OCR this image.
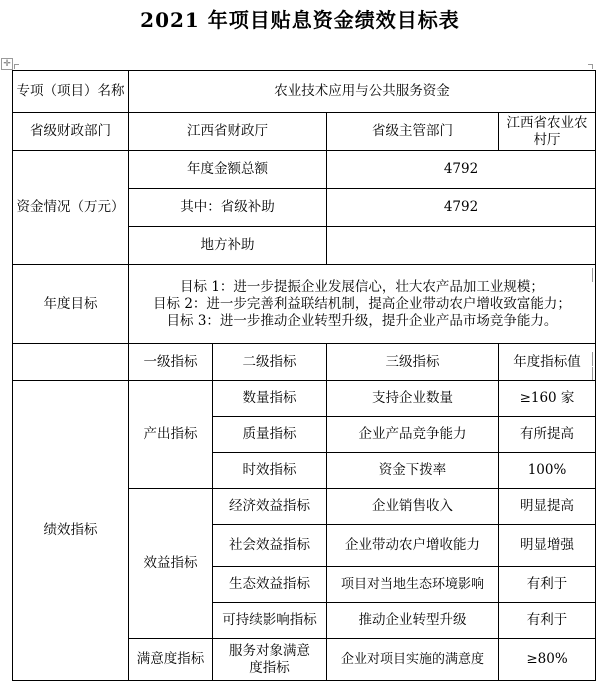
2021 年项目贴息资金绩效目标表
✛
专项（项目）名称	农业技术应用与公共服务资金			
省级财政部门	江西省财政厅		省级主管部门	江西省农业农村厅
资金情况（万元）	年度金额总额		4792	
	其中：省级补助		4792	
	地方补助			
年度目标	目标 1：进一步提振企业发展信心，壮大农产品加工业规模；
目标 2：进一步完善利益联结机制，提高企业带动农户增收致富能力；
目标 3：进一步推动企业转型升级，提升企业产品市场竞争能力。			

	一级指标	二级指标	三级指标	年度指标值
绩效指标	产出指标	数量指标	支持企业数量	≥160 家
		质量指标	企业产品竞争能力	有所提高
		时效指标	资金下拨率	100%
	效益指标	经济效益指标	企业销售收入	明显提高
		社会效益指标	企业带动农户增收能力	明显增强
		生态效益指标	项目对当地生态环境影响	有利于
		可持续影响指标	推动企业转型升级	有利于
	满意度指标	服务对象满意度指标	企业对项目实施的满意度	≥80%
